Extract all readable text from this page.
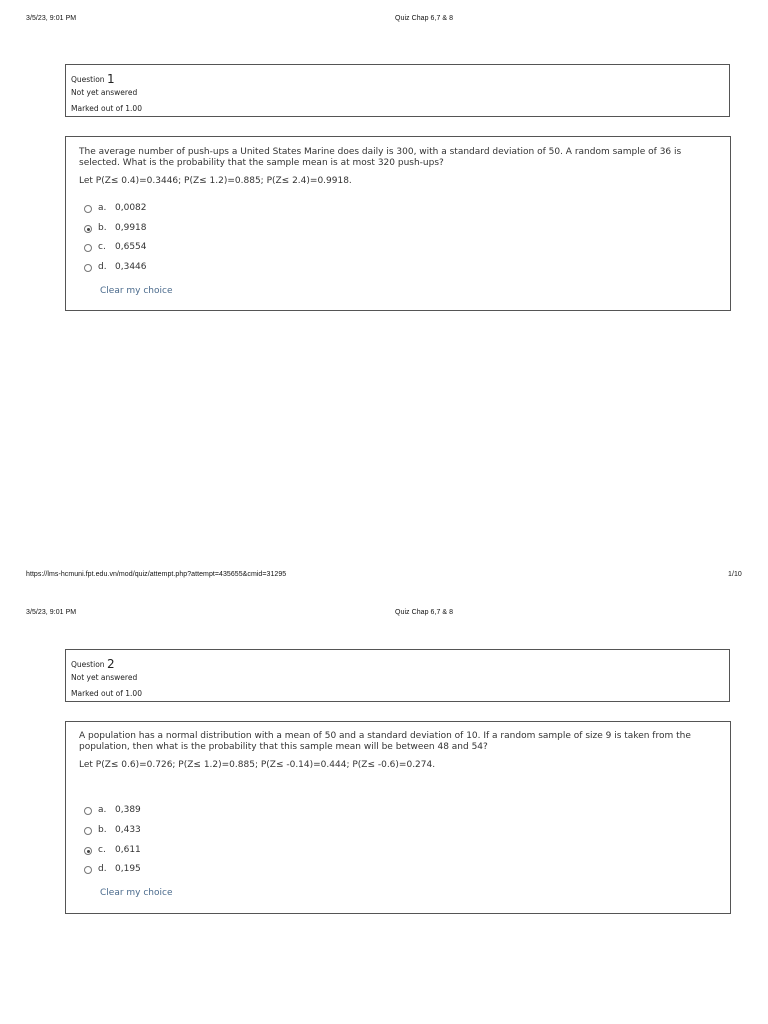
3/5/23, 9:01 PM	Quiz Chap 6,7 & 8
Question 1
Not yet answered
Marked out of 1.00
The average number of push-ups a United States Marine does daily is 300, with a standard deviation of 50. A random sample of 36 is selected. What is the probability that the sample mean is at most 320 push-ups?
Let P(Z≤ 0.4)=0.3446; P(Z≤ 1.2)=0.885; P(Z≤ 2.4)=0.9918.
a. 0,0082
b. 0,9918
c. 0,6554
d. 0,3446
Clear my choice
https://lms-hcmuni.fpt.edu.vn/mod/quiz/attempt.php?attempt=435655&cmid=31295	1/10
3/5/23, 9:01 PM	Quiz Chap 6,7 & 8
Question 2
Not yet answered
Marked out of 1.00
A population has a normal distribution with a mean of 50 and a standard deviation of 10. If a random sample of size 9 is taken from the population, then what is the probability that this sample mean will be between 48 and 54?
Let P(Z≤ 0.6)=0.726; P(Z≤ 1.2)=0.885; P(Z≤ -0.14)=0.444; P(Z≤ -0.6)=0.274.
a. 0,389
b. 0,433
c. 0,611
d. 0,195
Clear my choice
